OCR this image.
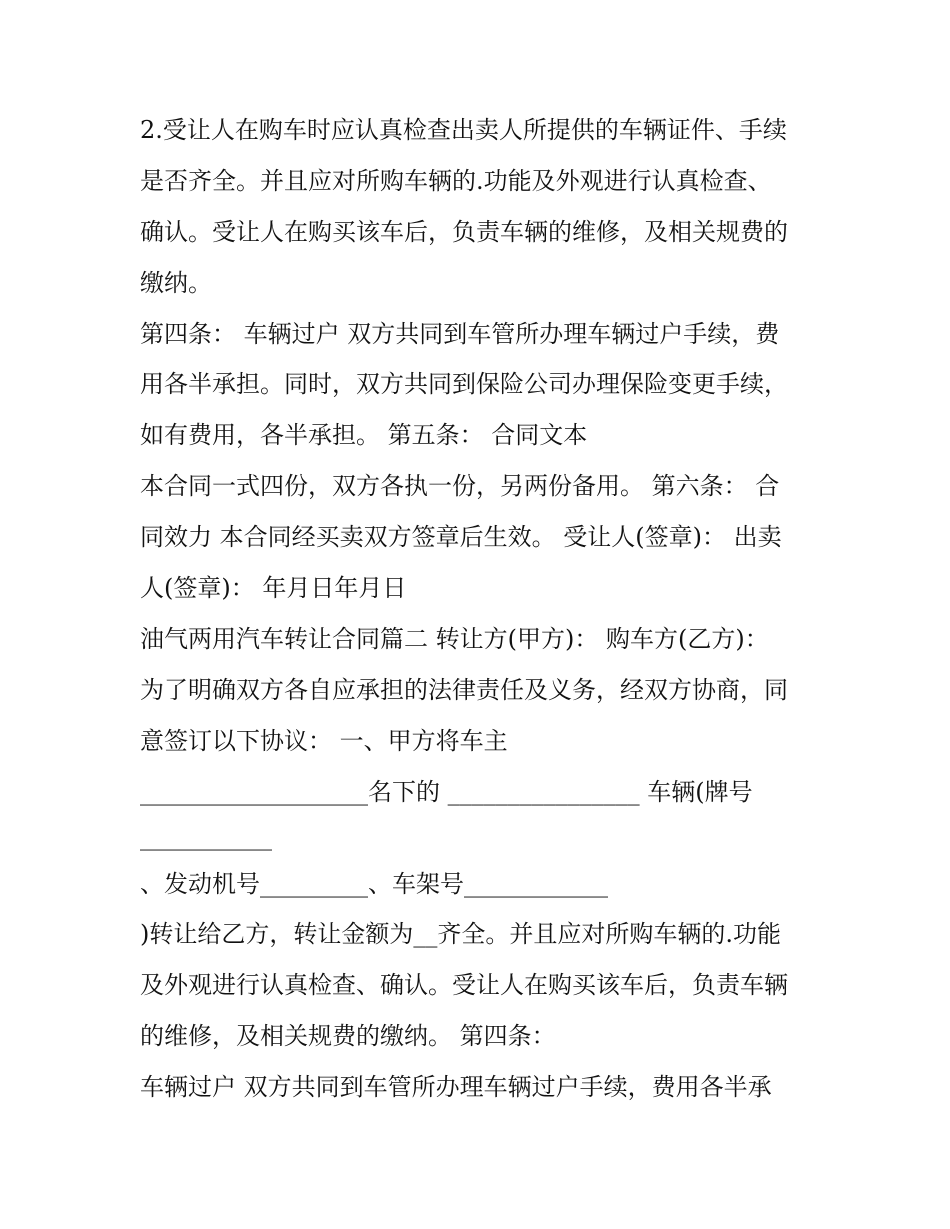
2.受让人在购车时应认真检查出卖人所提供的车辆证件、手续
是否齐全。并且应对所购车辆的.功能及外观进行认真检查、
确认。受让人在购买该车后，负责车辆的维修，及相关规费的
缴纳。
第四条： 车辆过户 双方共同到车管所办理车辆过户手续，费
用各半承担。同时，双方共同到保险公司办理保险变更手续，
如有费用，各半承担。 第五条： 合同文本
本合同一式四份，双方各执一份，另两份备用。 第六条： 合
同效力 本合同经买卖双方签章后生效。 受让人(签章)： 出卖
人(签章)： 年月日年月日
油气两用汽车转让合同篇二 转让方(甲方)： 购车方(乙方)：
为了明确双方各自应承担的法律责任及义务，经双方协商，同
意签订以下协议： 一、甲方将车主
___________________名下的 ________________ 车辆(牌号
___________
、发动机号_________、车架号____________
)转让给乙方，转让金额为__齐全。并且应对所购车辆的.功能
及外观进行认真检查、确认。受让人在购买该车后，负责车辆
的维修，及相关规费的缴纳。 第四条：
车辆过户 双方共同到车管所办理车辆过户手续，费用各半承
